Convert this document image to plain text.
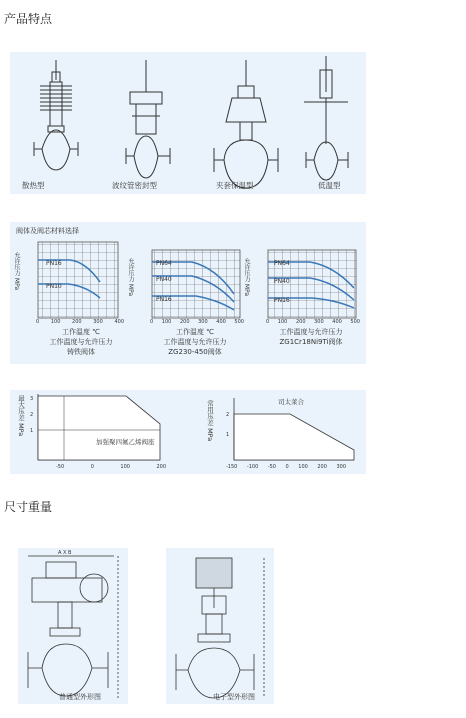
产品特点
散热型	波纹管密封型	夹套保温型	低温型
阀体及阀芯材料选择
PN16
PN10
PN64
PN40
PN16
PN64
PN40
PN16
允许压力 MPa	允许压力 MPa	允许压力 MPa
0 100 200 300 400	0 100 200 300 400 500	0 100 200 300 400 500
工作温度 ℃
工作温度与允许压力
铸铁阀体
工作温度 ℃
工作温度与允许压力
ZG230-450阀体
工作温度与允许压力
ZG1Cr18Ni9Ti阀体
最大压差 MPa	常用压差 MPa
加强聚四氟乙烯阀座
司太莱合
3
2
1
2
1
-50	0	100	200	-150 -100 -50 0 100 200 300
尺寸重量
A X B
普通型外形图	电子型外形图
